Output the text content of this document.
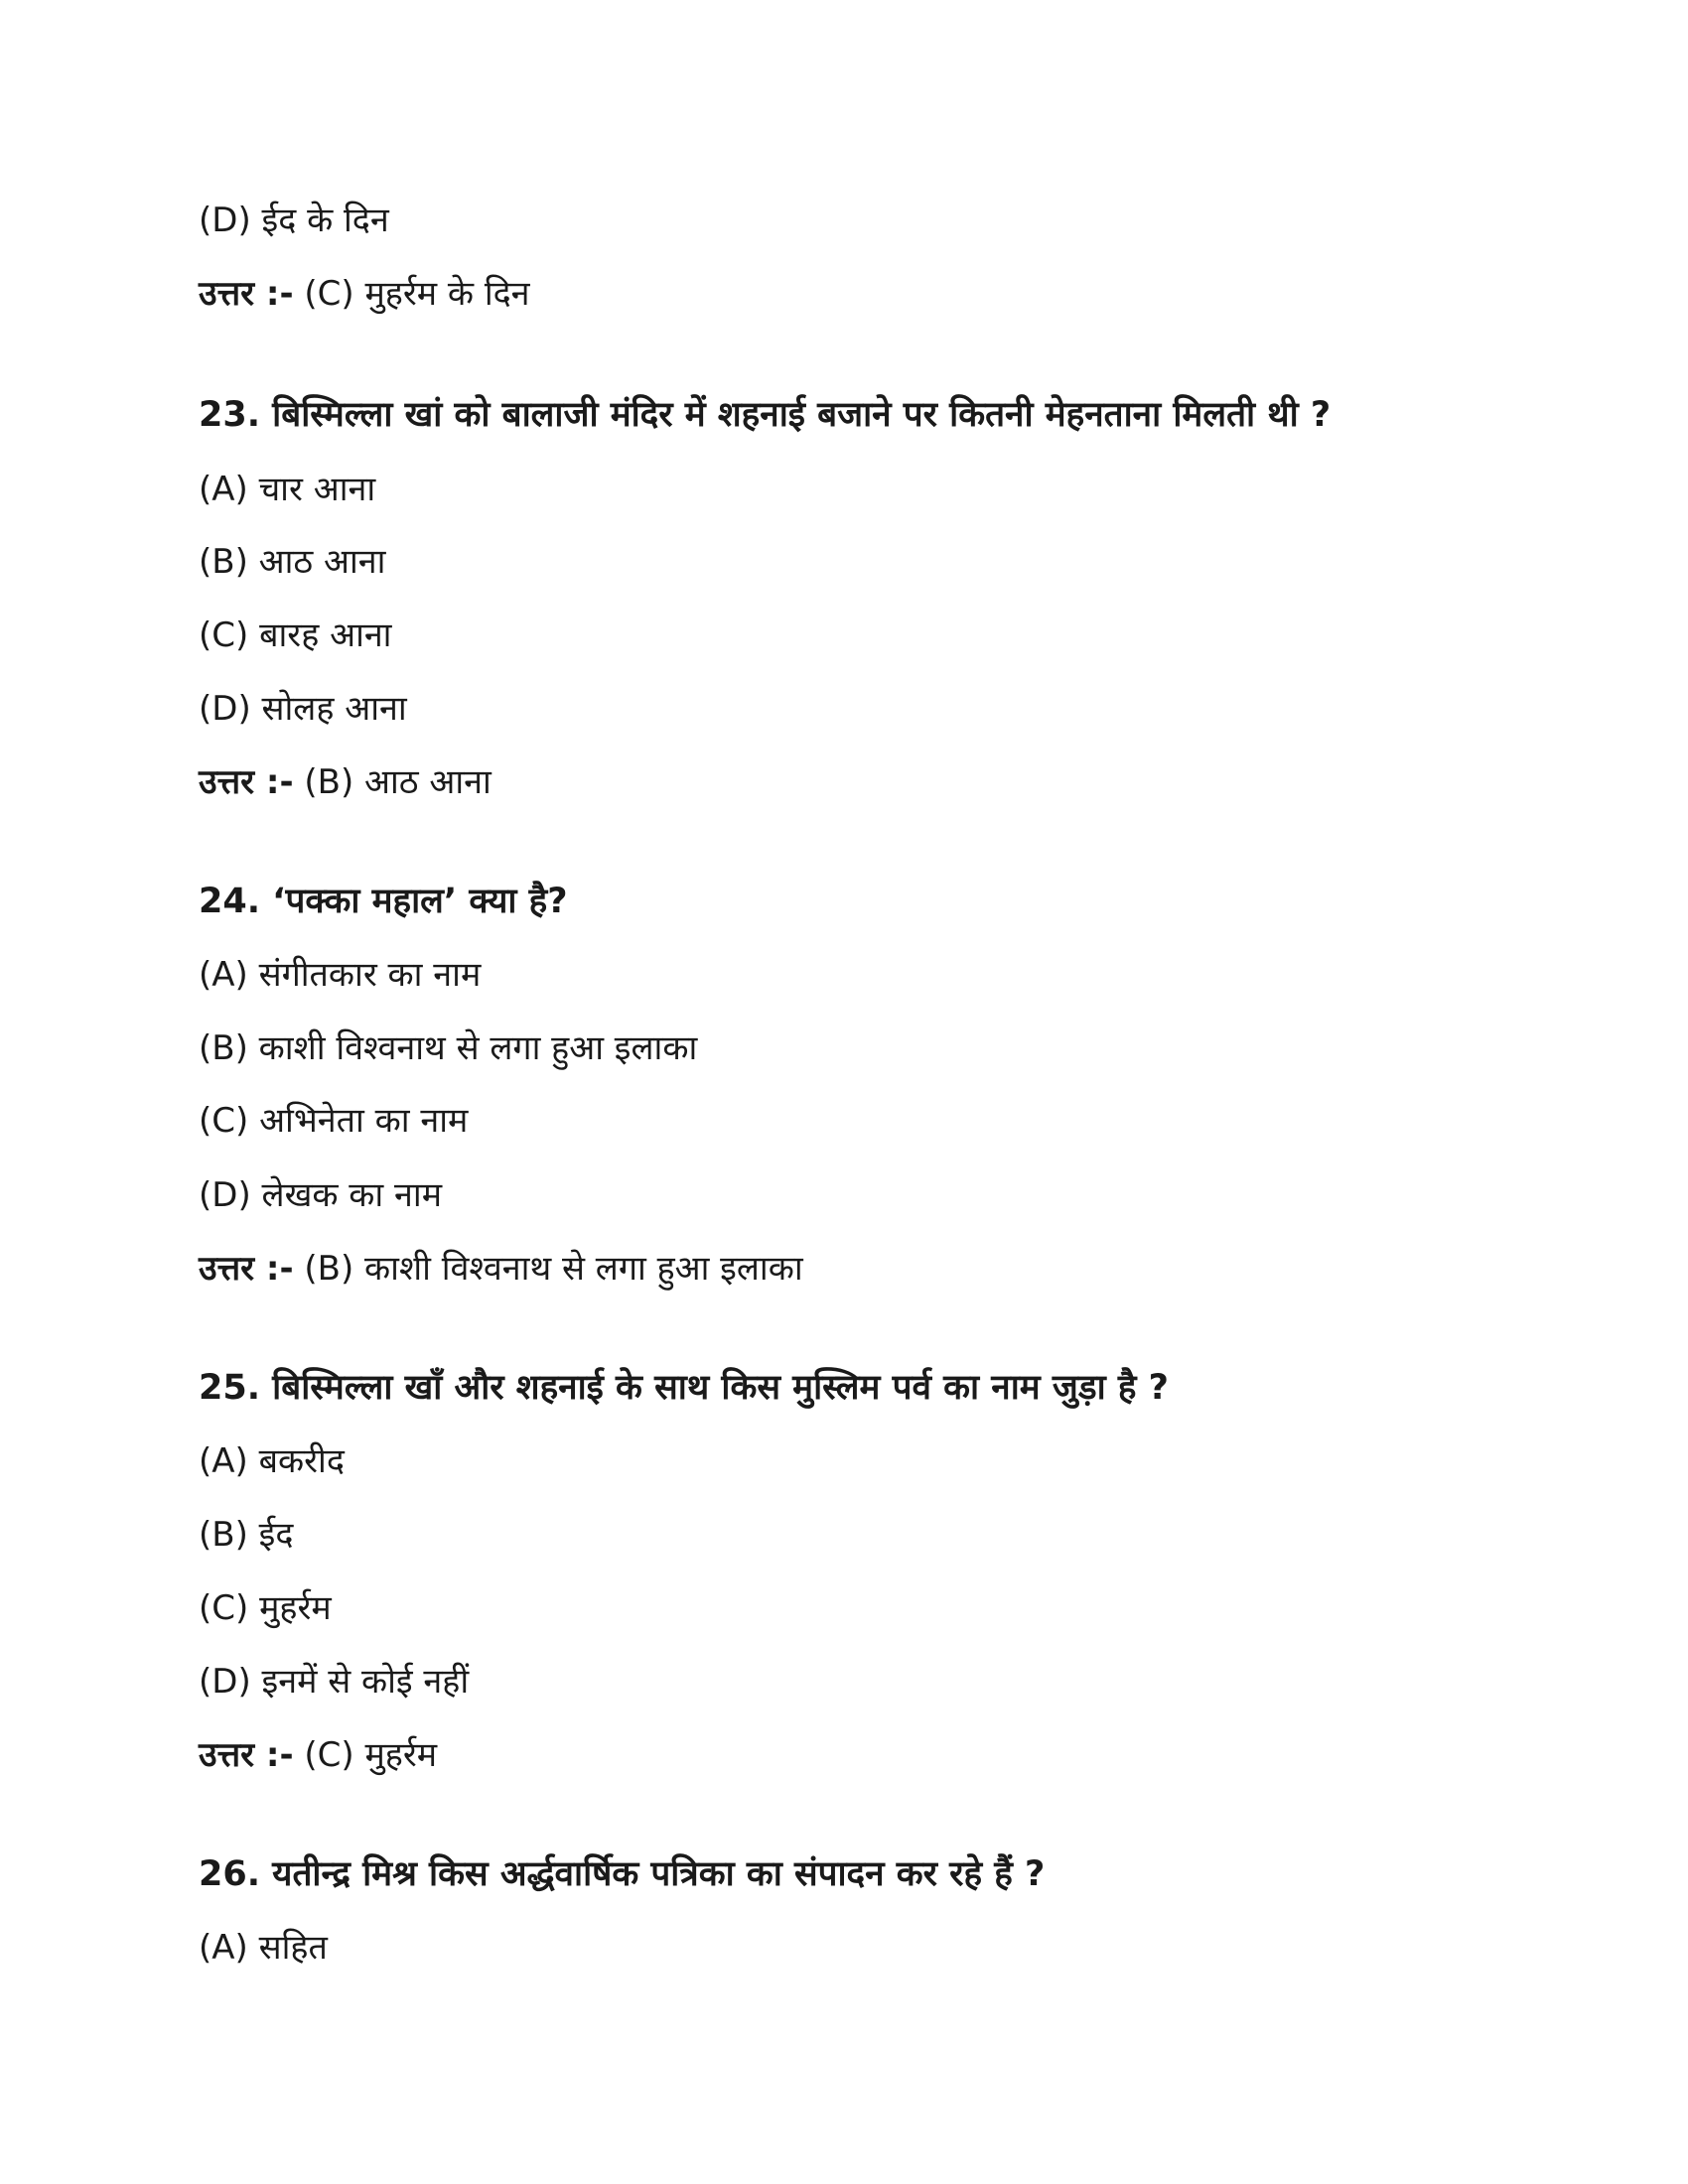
(D) ईद के दिन
उत्तर :- (C) मुहर्रम के दिन
23. बिस्मिल्ला खां को बालाजी मंदिर में शहनाई बजाने पर कितनी मेहनताना मिलती थी ?
(A) चार आना
(B) आठ आना
(C) बारह आना
(D) सोलह आना
उत्तर :- (B) आठ आना
24. ‘पक्का महाल’ क्या है?
(A) संगीतकार का नाम
(B) काशी विश्वनाथ से लगा हुआ इलाका
(C) अभिनेता का नाम
(D) लेखक का नाम
उत्तर :- (B) काशी विश्वनाथ से लगा हुआ इलाका
25. बिस्मिल्ला खाँ और शहनाई के साथ किस मुस्लिम पर्व का नाम जुड़ा है ?
(A) बकरीद
(B) ईद
(C) मुहर्रम
(D) इनमें से कोई नहीं
उत्तर :- (C) मुहर्रम
26. यतीन्द्र मिश्र किस अर्द्धवार्षिक पत्रिका का संपादन कर रहे हैं ?
(A) सहित
